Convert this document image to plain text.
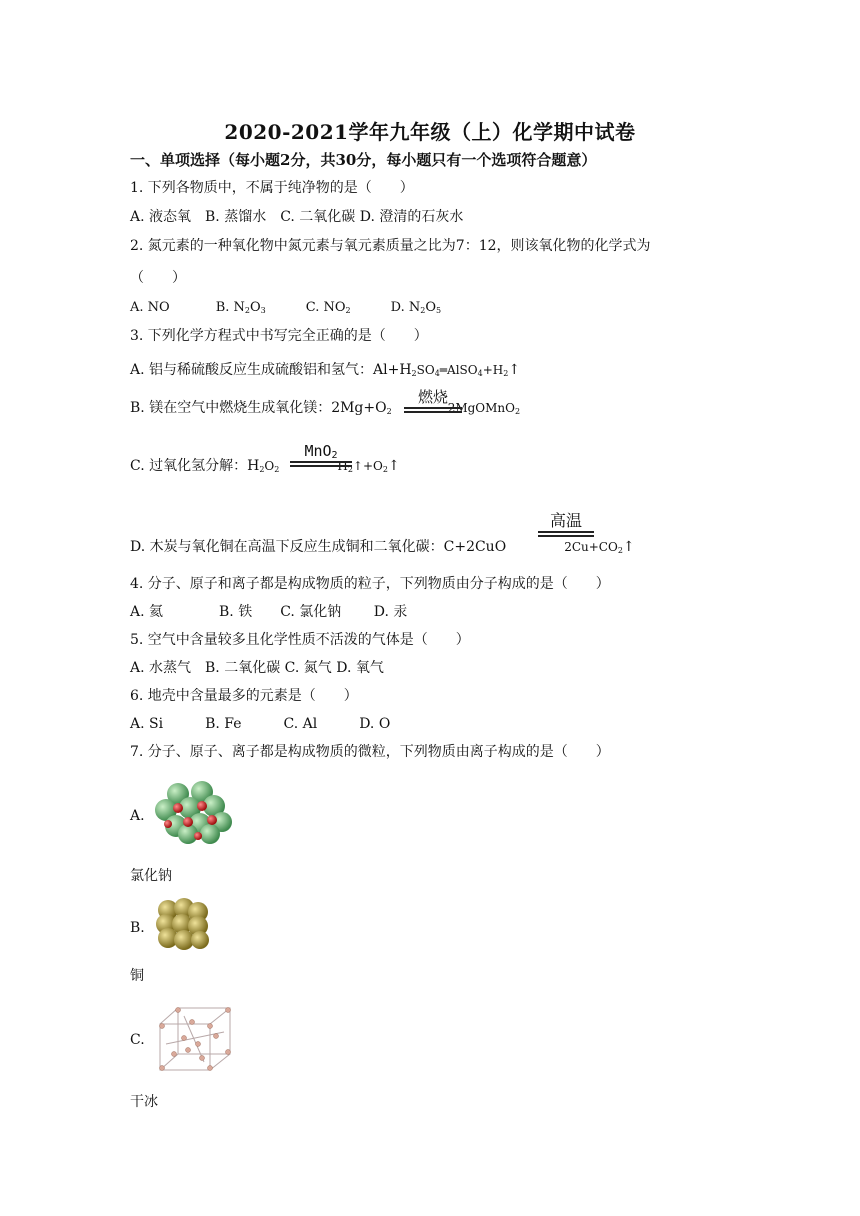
2020-2021学年九年级（上）化学期中试卷
一、单项选择（每小题2分，共30分，每小题只有一个选项符合题意）
1. 下列各物质中，不属于纯净物的是（　　）
A. 液态氧　B. 蒸馏水　C. 二氧化碳 D. 澄清的石灰水
2. 氮元素的一种氧化物中氮元素与氧元素质量之比为7：12，则该氧化物的化学式为
（　　）
A. NO	B. $N_2O_3$	C. $NO_2$	D. $N_2O_5$
3. 下列化学方程式中书写完全正确的是（　　）
A. 铝与稀硫酸反应生成硫酸铝和氢气：$Al+H_2SO_4═AlSO_4+H_2↑$
B. 镁在空气中燃烧生成氧化镁：$2Mg+O_2$	2MgOMnO$_2$
燃烧
C. 过氧化氢分解：$H_2O_2$	$H_2↑+O_2↑$
MnO$_2$
D. 木炭与氧化铜在高温下反应生成铜和二氧化碳：C+2CuO	$2Cu+CO_2↑$
高温
4. 分子、原子和离子都是构成物质的粒子，下列物质由分子构成的是（　　）
A. 氦　　　　B. 铁　　C. 氯化钠　　 D. 汞
5. 空气中含量较多且化学性质不活泼的气体是（　　）
A. 水蒸气　B. 二氧化碳 C. 氮气 D. 氧气
6. 地壳中含量最多的元素是（　　）
A. Si　　　B. Fe　　　C. Al　　　D. O
7. 分子、原子、离子都是构成物质的微粒，下列物质由离子构成的是（　　）
A.
氯化钠
B.
铜
C.
干冰
